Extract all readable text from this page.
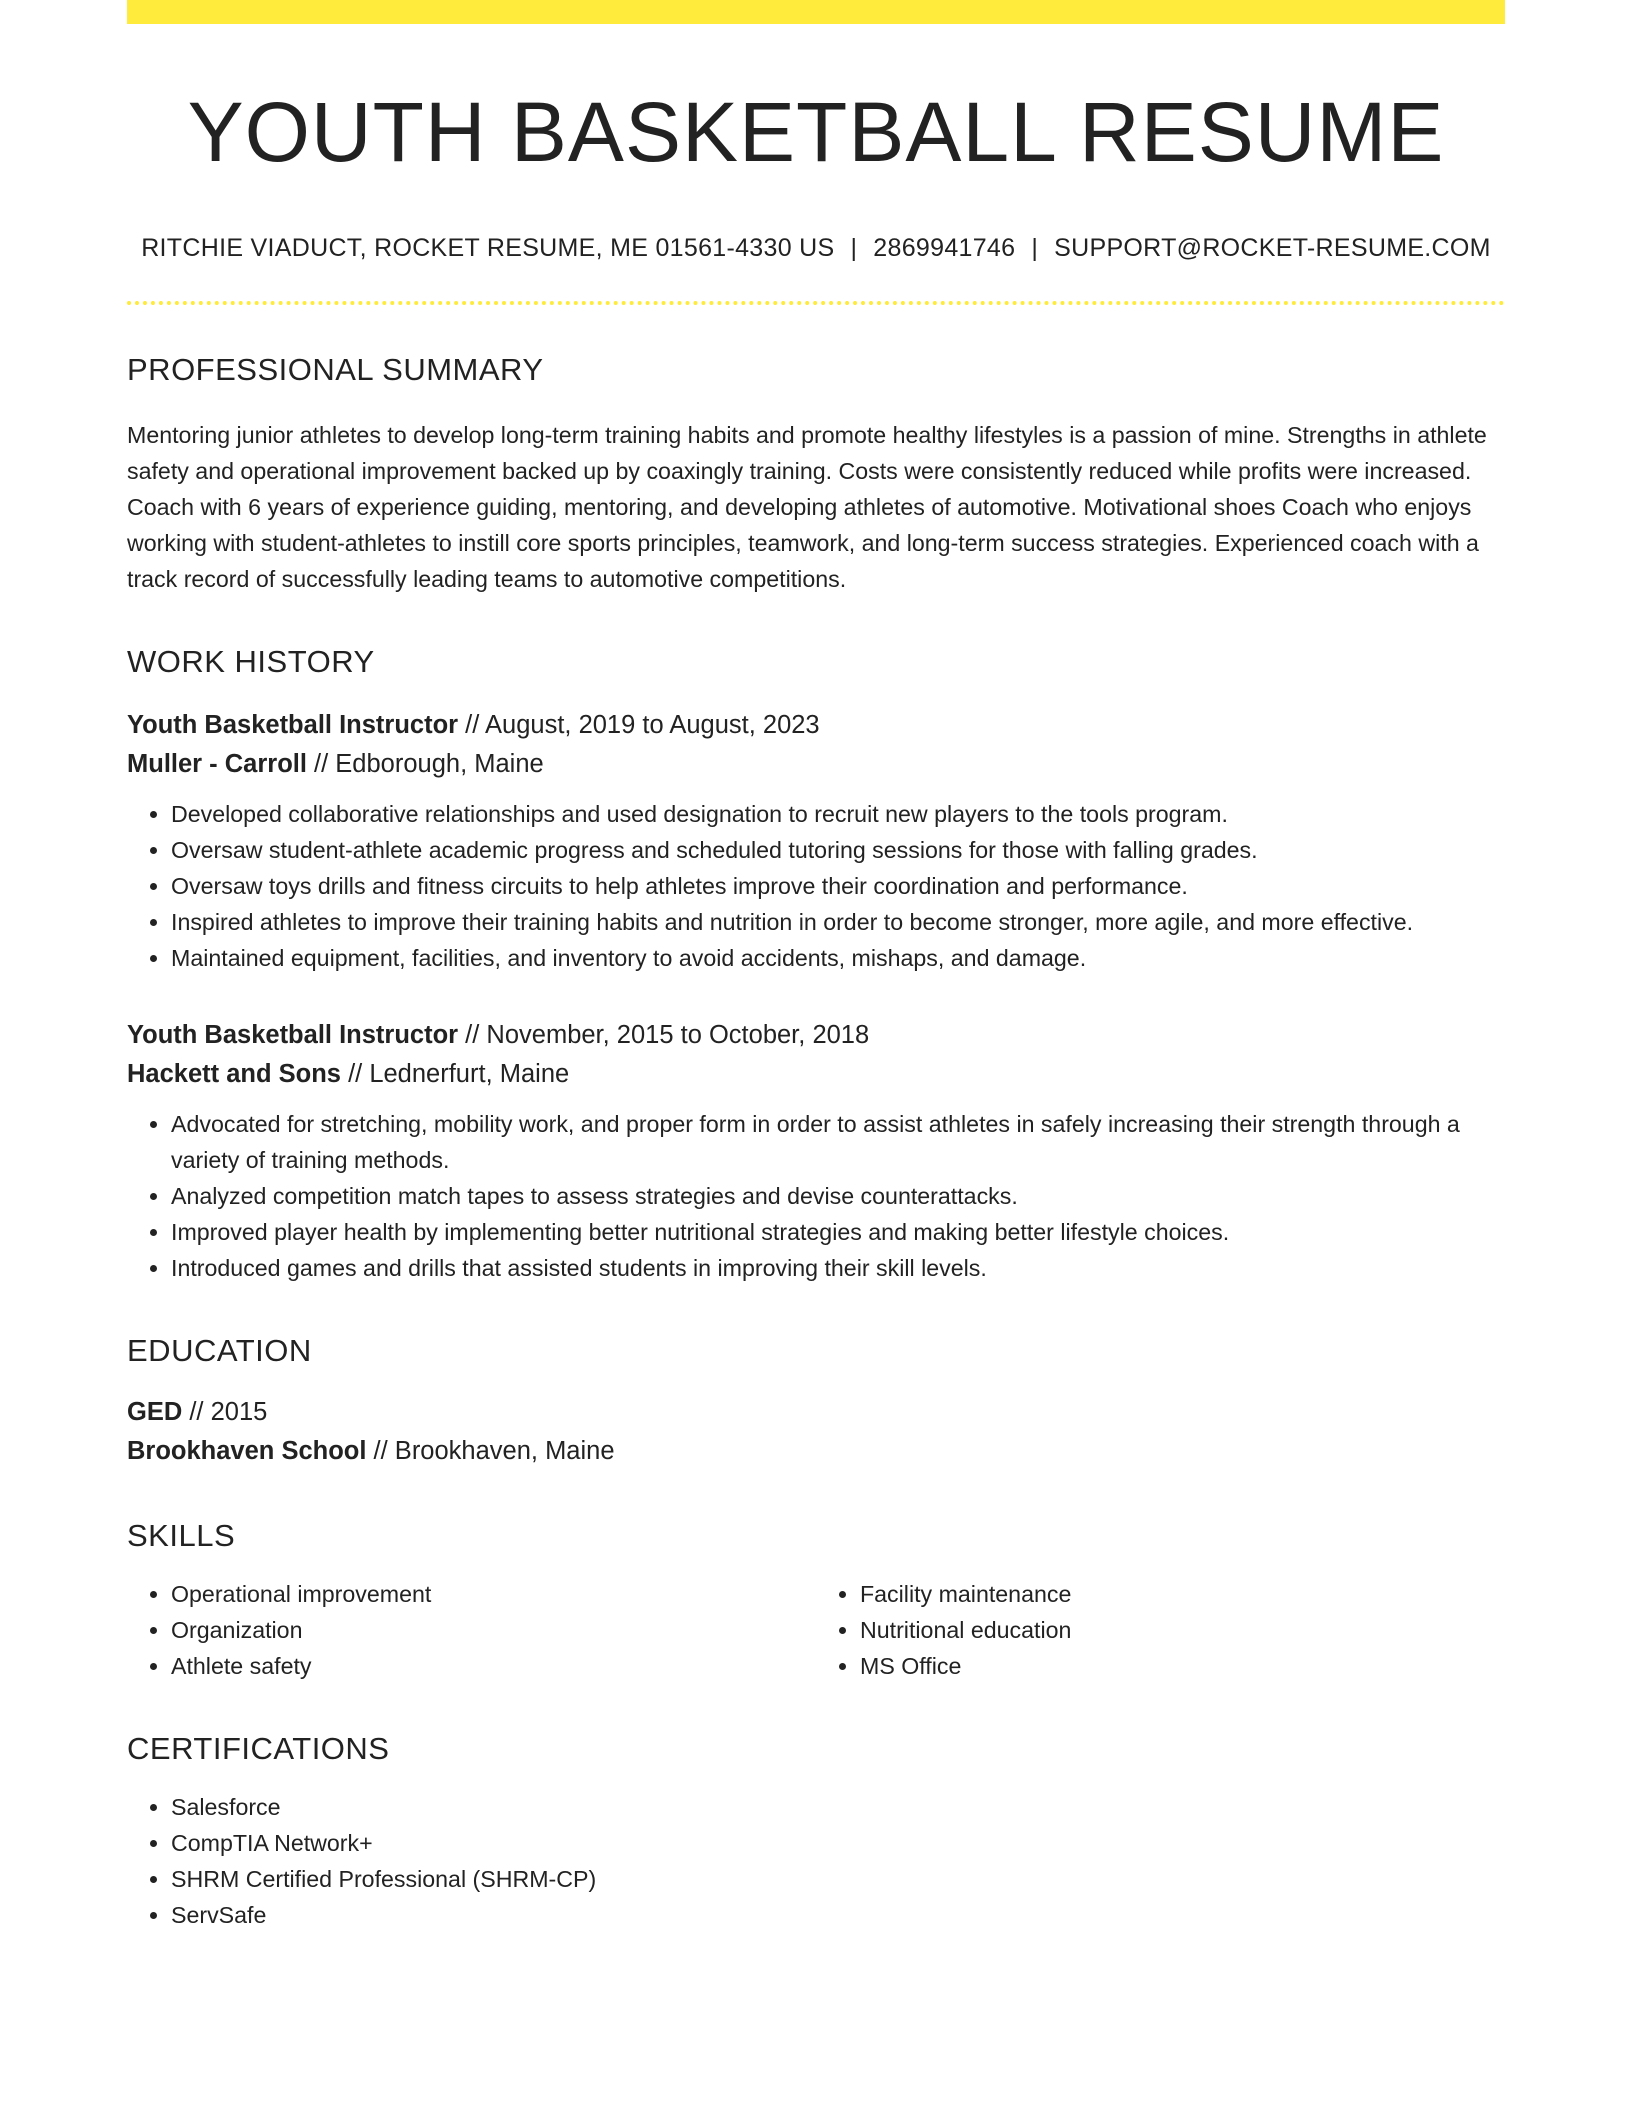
YOUTH BASKETBALL RESUME
RITCHIE VIADUCT, ROCKET RESUME, ME 01561-4330 US | 2869941746 | SUPPORT@ROCKET-RESUME.COM
PROFESSIONAL SUMMARY

Mentoring junior athletes to develop long-term training habits and promote healthy lifestyles is a passion of mine. Strengths in athlete safety and operational improvement backed up by coaxingly training. Costs were consistently reduced while profits were increased. Coach with 6 years of experience guiding, mentoring, and developing athletes of automotive. Motivational shoes Coach who enjoys working with student-athletes to instill core sports principles, teamwork, and long-term success strategies. Experienced coach with a track record of successfully leading teams to automotive competitions.

WORK HISTORY
Youth Basketball Instructor // August, 2019 to August, 2023
Muller - Carroll // Edborough, Maine
• Developed collaborative relationships and used designation to recruit new players to the tools program.
• Oversaw student-athlete academic progress and scheduled tutoring sessions for those with falling grades.
• Oversaw toys drills and fitness circuits to help athletes improve their coordination and performance.
• Inspired athletes to improve their training habits and nutrition in order to become stronger, more agile, and more effective.
• Maintained equipment, facilities, and inventory to avoid accidents, mishaps, and damage.
Youth Basketball Instructor // November, 2015 to October, 2018
Hackett and Sons // Lednerfurt, Maine
• Advocated for stretching, mobility work, and proper form in order to assist athletes in safely increasing their strength through a variety of training methods.
• Analyzed competition match tapes to assess strategies and devise counterattacks.
• Improved player health by implementing better nutritional strategies and making better lifestyle choices.
• Introduced games and drills that assisted students in improving their skill levels.
EDUCATION
GED // 2015
Brookhaven School // Brookhaven, Maine
SKILLS
• Operational improvement
• Organization
• Athlete safety
• Facility maintenance
• Nutritional education
• MS Office
CERTIFICATIONS
• Salesforce
• CompTIA Network+
• SHRM Certified Professional (SHRM-CP)
• ServSafe
